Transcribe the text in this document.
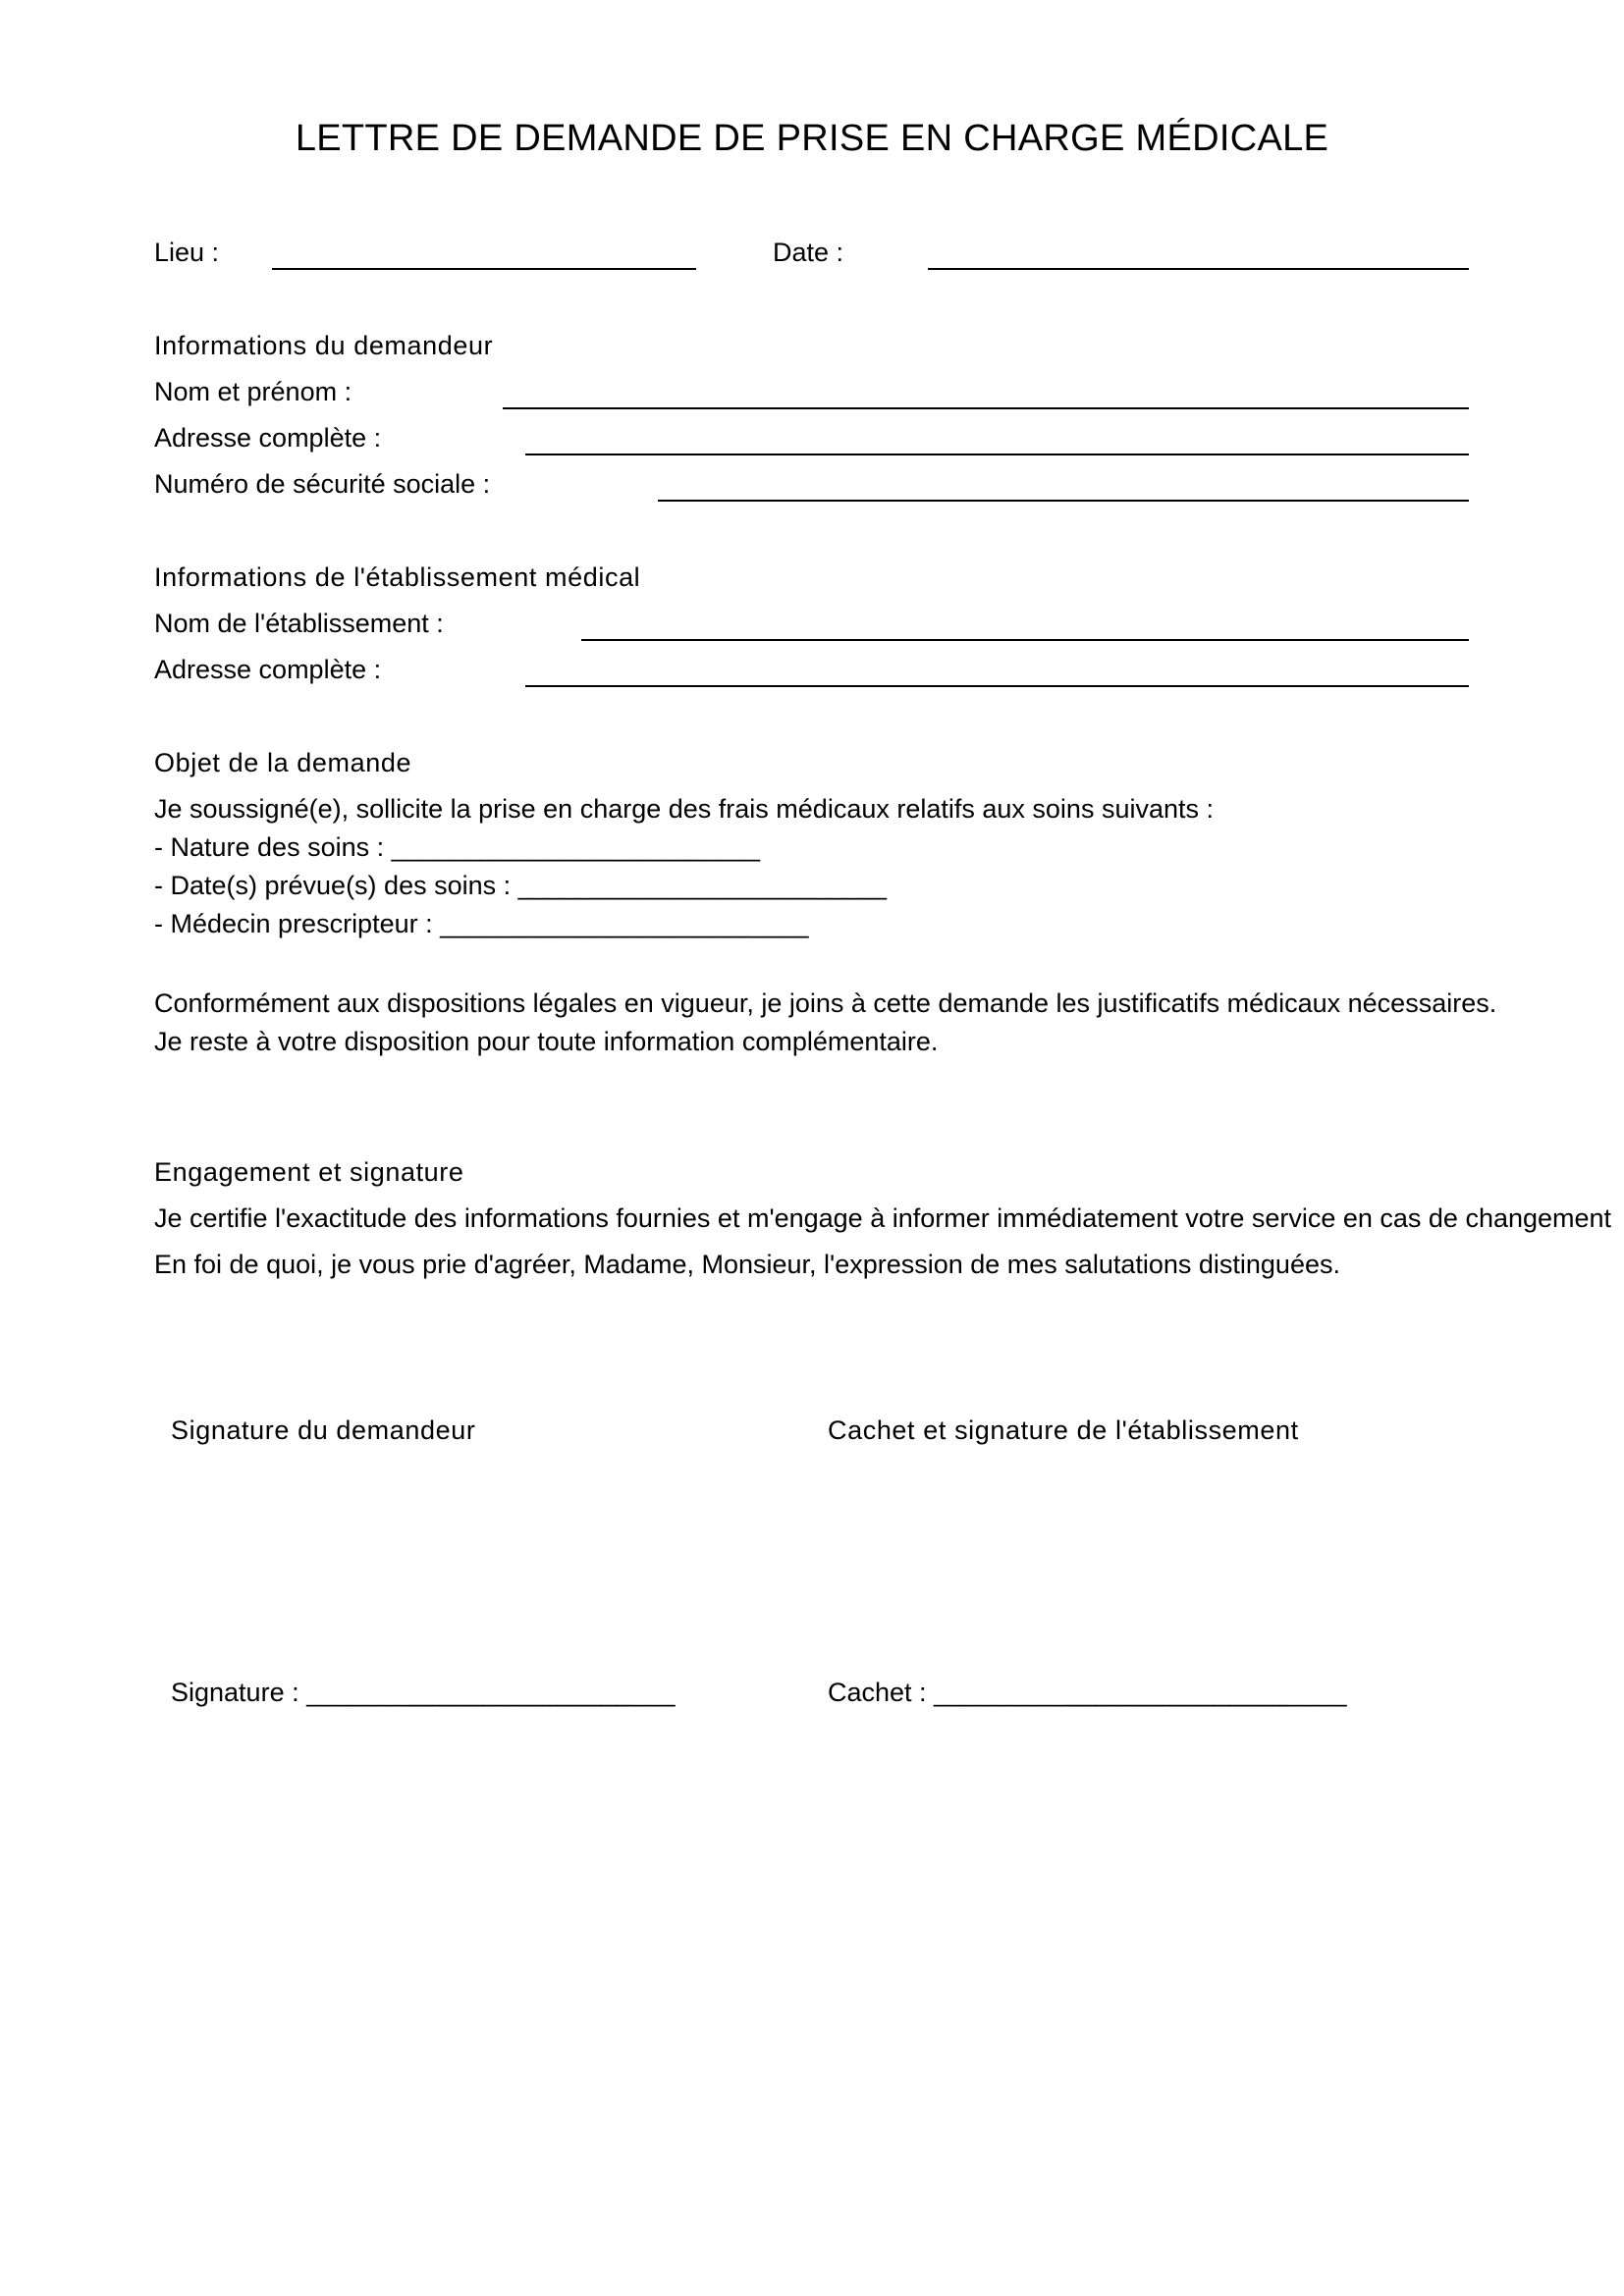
LETTRE DE DEMANDE DE PRISE EN CHARGE MÉDICALE
Lieu :	Date :
Informations du demandeur
Nom et prénom :
Adresse complète :
Numéro de sécurité sociale :
Informations de l'établissement médical
Nom de l'établissement :
Adresse complète :
Objet de la demande
Je soussigné(e), sollicite la prise en charge des frais médicaux relatifs aux soins suivants :
- Nature des soins : _________________________
- Date(s) prévue(s) des soins : _________________________
- Médecin prescripteur : _________________________
Conformément aux dispositions légales en vigueur, je joins à cette demande les justificatifs médicaux nécessaires.
Je reste à votre disposition pour toute information complémentaire.
Engagement et signature
Je certifie l'exactitude des informations fournies et m'engage à informer immédiatement votre service en cas de changement
En foi de quoi, je vous prie d'agréer, Madame, Monsieur, l'expression de mes salutations distinguées.
Signature du demandeur	Cachet et signature de l'établissement
Signature : _________________________	Cachet : ____________________________
